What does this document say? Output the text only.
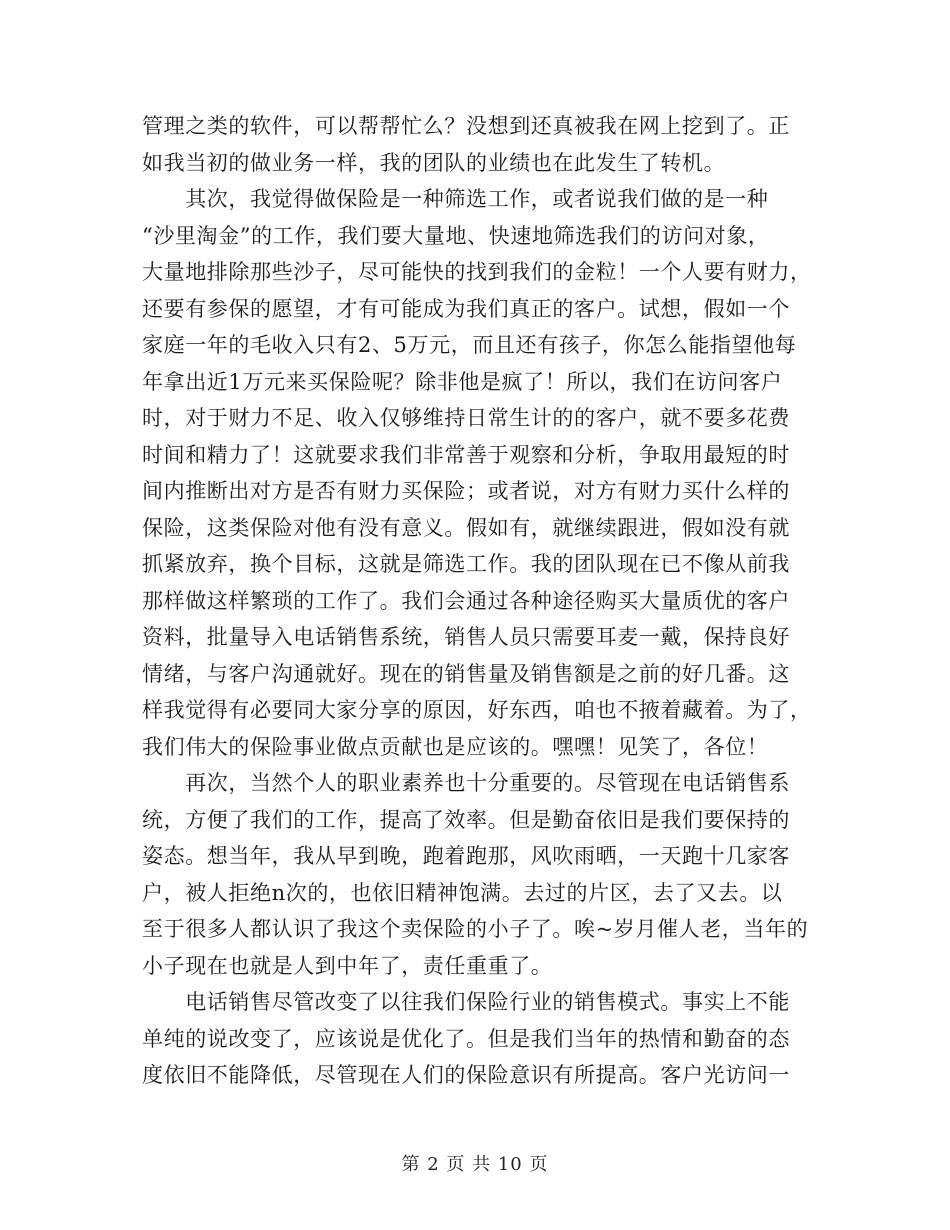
管理之类的软件，可以帮帮忙么？没想到还真被我在网上挖到了。正
如我当初的做业务一样，我的团队的业绩也在此发生了转机。
　　其次，我觉得做保险是一种筛选工作，或者说我们做的是一种
“沙里淘金”的工作，我们要大量地、快速地筛选我们的访问对象，
大量地排除那些沙子，尽可能快的找到我们的金粒！一个人要有财力，
还要有参保的愿望，才有可能成为我们真正的客户。试想，假如一个
家庭一年的毛收入只有2、5万元，而且还有孩子，你怎么能指望他每
年拿出近1万元来买保险呢？除非他是疯了！所以，我们在访问客户
时，对于财力不足、收入仅够维持日常生计的的客户，就不要多花费
时间和精力了！这就要求我们非常善于观察和分析，争取用最短的时
间内推断出对方是否有财力买保险；或者说，对方有财力买什么样的
保险，这类保险对他有没有意义。假如有，就继续跟进，假如没有就
抓紧放弃，换个目标，这就是筛选工作。我的团队现在已不像从前我
那样做这样繁琐的工作了。我们会通过各种途径购买大量质优的客户
资料，批量导入电话销售系统，销售人员只需要耳麦一戴，保持良好
情绪，与客户沟通就好。现在的销售量及销售额是之前的好几番。这
样我觉得有必要同大家分享的原因，好东西，咱也不掖着藏着。为了，
我们伟大的保险事业做点贡献也是应该的。嘿嘿！见笑了，各位！
　　再次，当然个人的职业素养也十分重要的。尽管现在电话销售系
统，方便了我们的工作，提高了效率。但是勤奋依旧是我们要保持的
姿态。想当年，我从早到晚，跑着跑那，风吹雨晒，一天跑十几家客
户，被人拒绝n次的，也依旧精神饱满。去过的片区，去了又去。以
至于很多人都认识了我这个卖保险的小子了。唉~岁月催人老，当年的
小子现在也就是人到中年了，责任重重了。
　　电话销售尽管改变了以往我们保险行业的销售模式。事实上不能
单纯的说改变了，应该说是优化了。但是我们当年的热情和勤奋的态
度依旧不能降低，尽管现在人们的保险意识有所提高。客户光访问一
第 2 页 共 10 页
